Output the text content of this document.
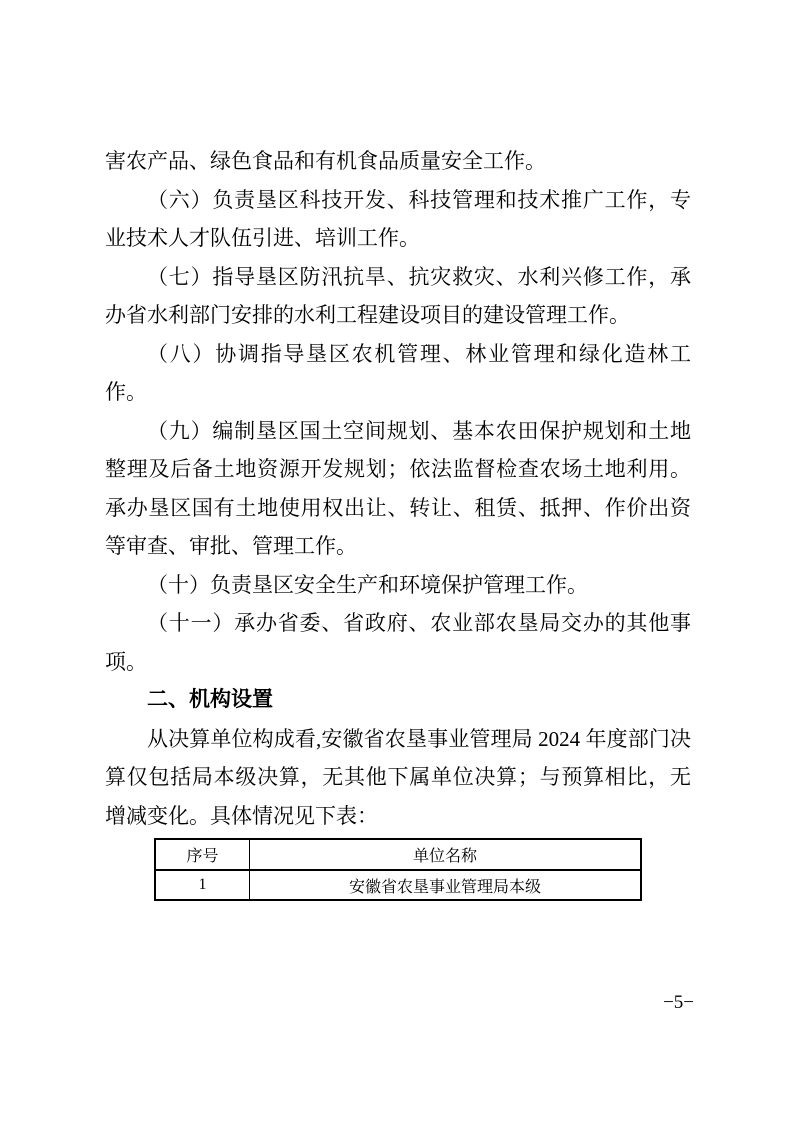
害农产品、绿色食品和有机食品质量安全工作。

（六）负责垦区科技开发、科技管理和技术推广工作，专业技术人才队伍引进、培训工作。

（七）指导垦区防汛抗旱、抗灾救灾、水利兴修工作，承办省水利部门安排的水利工程建设项目的建设管理工作。

（八）协调指导垦区农机管理、林业管理和绿化造林工作。

（九）编制垦区国土空间规划、基本农田保护规划和土地整理及后备土地资源开发规划；依法监督检查农场土地利用。承办垦区国有土地使用权出让、转让、租赁、抵押、作价出资等审查、审批、管理工作。

（十）负责垦区安全生产和环境保护管理工作。

（十一）承办省委、省政府、农业部农垦局交办的其他事项。

二、机构设置

从决算单位构成看,安徽省农垦事业管理局 2024 年度部门决算仅包括局本级决算，无其他下属单位决算；与预算相比，无增减变化。具体情况见下表：

序号	单位名称
1	安徽省农垦事业管理局本级
−5−
